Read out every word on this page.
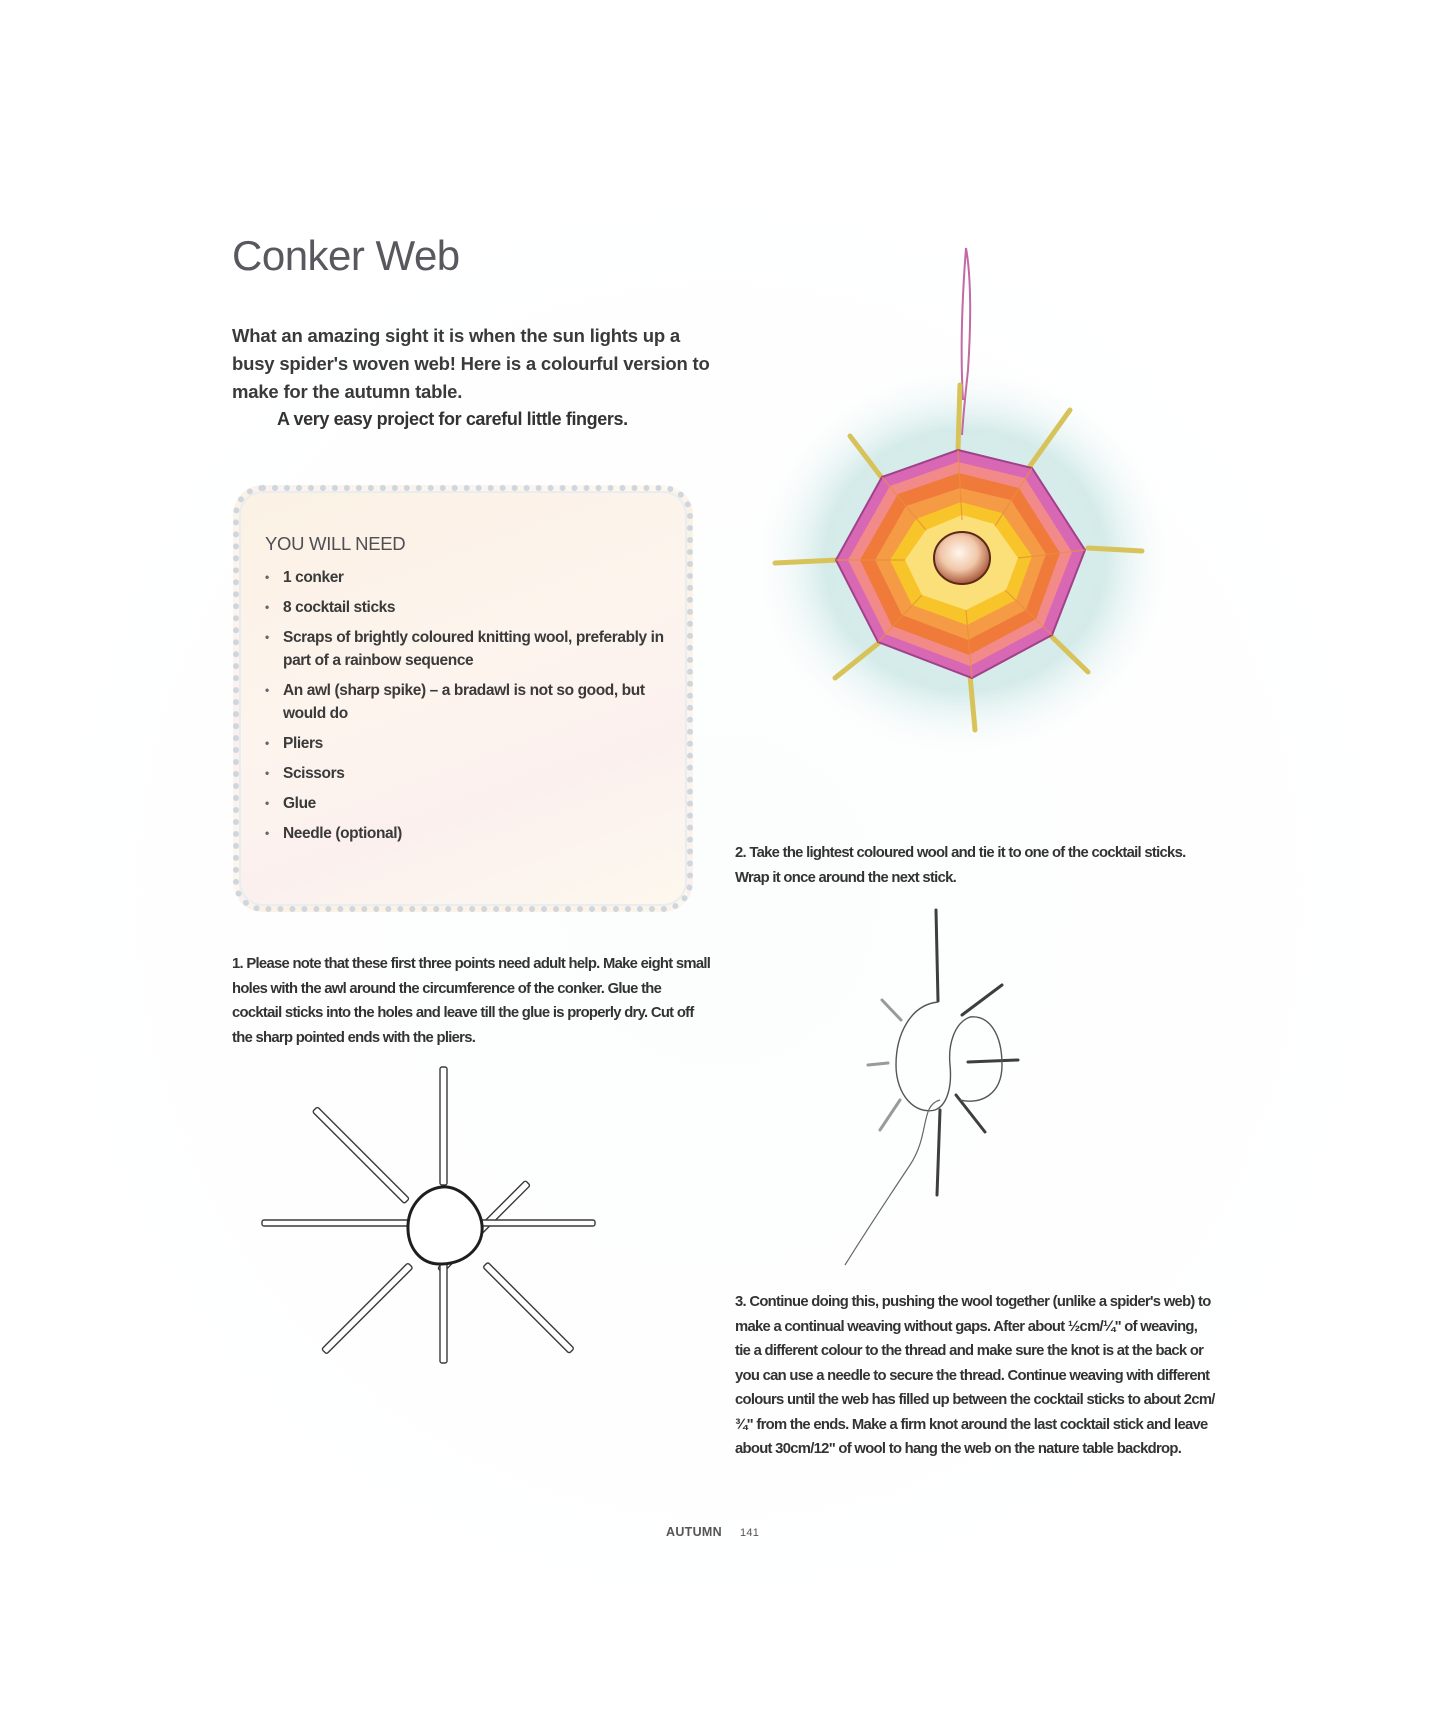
Conker Web

What an amazing sight it is when the sun lights up a busy spider's woven web! Here is a colourful version to make for the autumn table.

A very easy project for careful little fingers.

YOU WILL NEED
• 1 conker
• 8 cocktail sticks
• Scraps of brightly coloured knitting wool, preferably in part of a rainbow sequence
• An awl (sharp spike) – a bradawl is not so good, but would do
• Pliers
• Scissors
• Glue
• Needle (optional)

1. Please note that these first three points need adult help. Make eight small holes with the awl around the circumference of the conker. Glue the cocktail sticks into the holes and leave till the glue is properly dry. Cut off the sharp pointed ends with the pliers.

2. Take the lightest coloured wool and tie it to one of the cocktail sticks. Wrap it once around the next stick.

3. Continue doing this, pushing the wool together (unlike a spider's web) to make a continual weaving without gaps. After about ½cm/¼" of weaving, tie a different colour to the thread and make sure the knot is at the back or you can use a needle to secure the thread. Continue weaving with different colours until the web has filled up between the cocktail sticks to about 2cm/¾" from the ends. Make a firm knot around the last cocktail stick and leave about 30cm/12" of wool to hang the web on the nature table backdrop.

AUTUMN 141
